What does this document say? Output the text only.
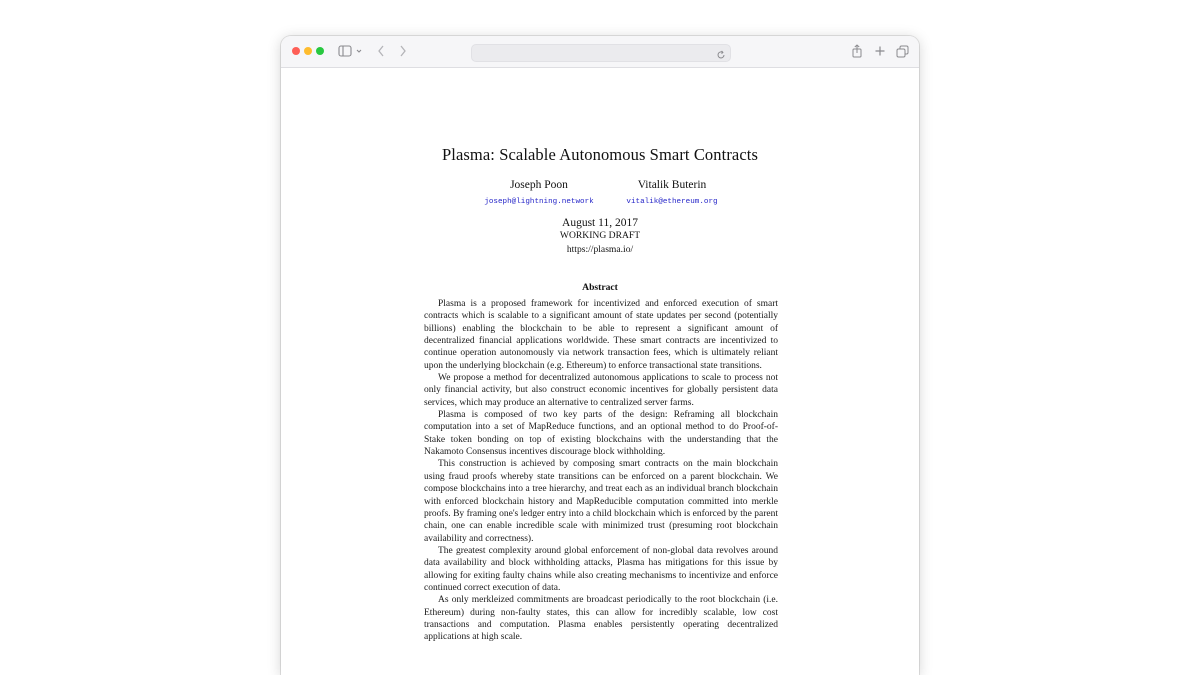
Plasma: Scalable Autonomous Smart Contracts
Joseph Poon
joseph@lightning.network
Vitalik Buterin
vitalik@ethereum.org
August 11, 2017
WORKING DRAFT
https://plasma.io/
Abstract

Plasma is a proposed framework for incentivized and enforced execution of smart contracts which is scalable to a significant amount of state updates per second (potentially billions) enabling the blockchain to be able to represent a significant amount of decentralized financial applications worldwide. These smart contracts are incentivized to continue operation autonomously via network transaction fees, which is ultimately reliant upon the underlying blockchain (e.g. Ethereum) to enforce transactional state transitions.

We propose a method for decentralized autonomous applications to scale to process not only financial activity, but also construct economic incentives for globally persistent data services, which may produce an alternative to centralized server farms.

Plasma is composed of two key parts of the design: Reframing all blockchain computation into a set of MapReduce functions, and an optional method to do Proof-of-Stake token bonding on top of existing blockchains with the understanding that the Nakamoto Consensus incentives discourage block withholding.

This construction is achieved by composing smart contracts on the main blockchain using fraud proofs whereby state transitions can be enforced on a parent blockchain. We compose blockchains into a tree hierarchy, and treat each as an individual branch blockchain with enforced blockchain history and MapReducible computation committed into merkle proofs. By framing one's ledger entry into a child blockchain which is enforced by the parent chain, one can enable incredible scale with minimized trust (presuming root blockchain availability and correctness).

The greatest complexity around global enforcement of non-global data revolves around data availability and block withholding attacks, Plasma has mitigations for this issue by allowing for exiting faulty chains while also creating mechanisms to incentivize and enforce continued correct execution of data.

As only merkleized commitments are broadcast periodically to the root blockchain (i.e. Ethereum) during non-faulty states, this can allow for incredibly scalable, low cost transactions and computation. Plasma enables persistently operating decentralized applications at high scale.
